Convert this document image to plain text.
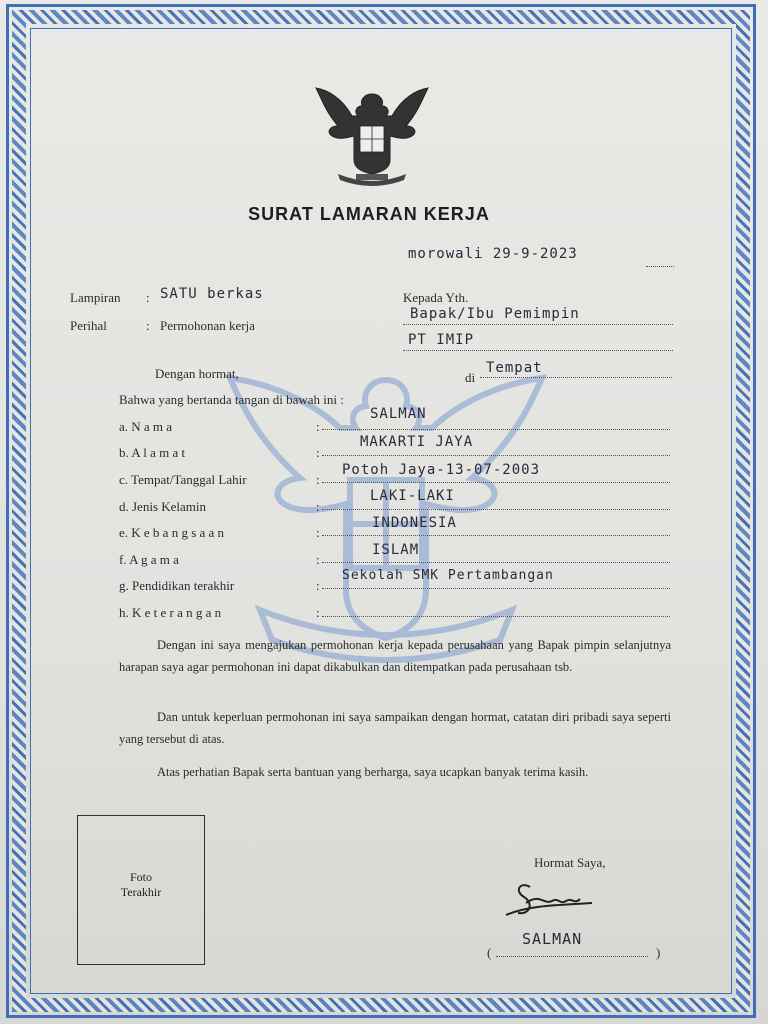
SURAT LAMARAN KERJA
morowali 29-9-2023
Lampiran : SATU berkas
Perihal	: Permohonan kerja
Kepada Yth.
Bapak/Ibu Pemimpin
PT IMIP
Dengan hormat,	di
Tempat
Bahwa yang bertanda tangan di bawah ini :
a. N a m a	:
SALMAN
b. A l a m a t	:
MAKARTI JAYA
c. Tempat/Tanggal Lahir	:
Potoh Jaya-13-07-2003
d. Jenis Kelamin	:
LAKI-LAKI
e. K e b a n g s a a n	:
INDONESIA
f. A g a m a	:
ISLAM
g. Pendidikan terakhir	:
Sekolah SMK Pertambangan
h. K e t e r a n g a n	:
Dengan ini saya mengajukan permohonan kerja kepada perusahaan yang Bapak pimpin selanjutnya harapan saya agar permohonan ini dapat dikabulkan dan ditempatkan pada perusahaan tsb.
Dan untuk keperluan permohonan ini saya sampaikan dengan hormat, catatan diri pribadi saya seperti yang tersebut di atas.
Atas perhatian Bapak serta bantuan yang berharga, saya ucapkan banyak terima kasih.
Foto
Terakhir
Hormat Saya,
(
SALMAN
)
